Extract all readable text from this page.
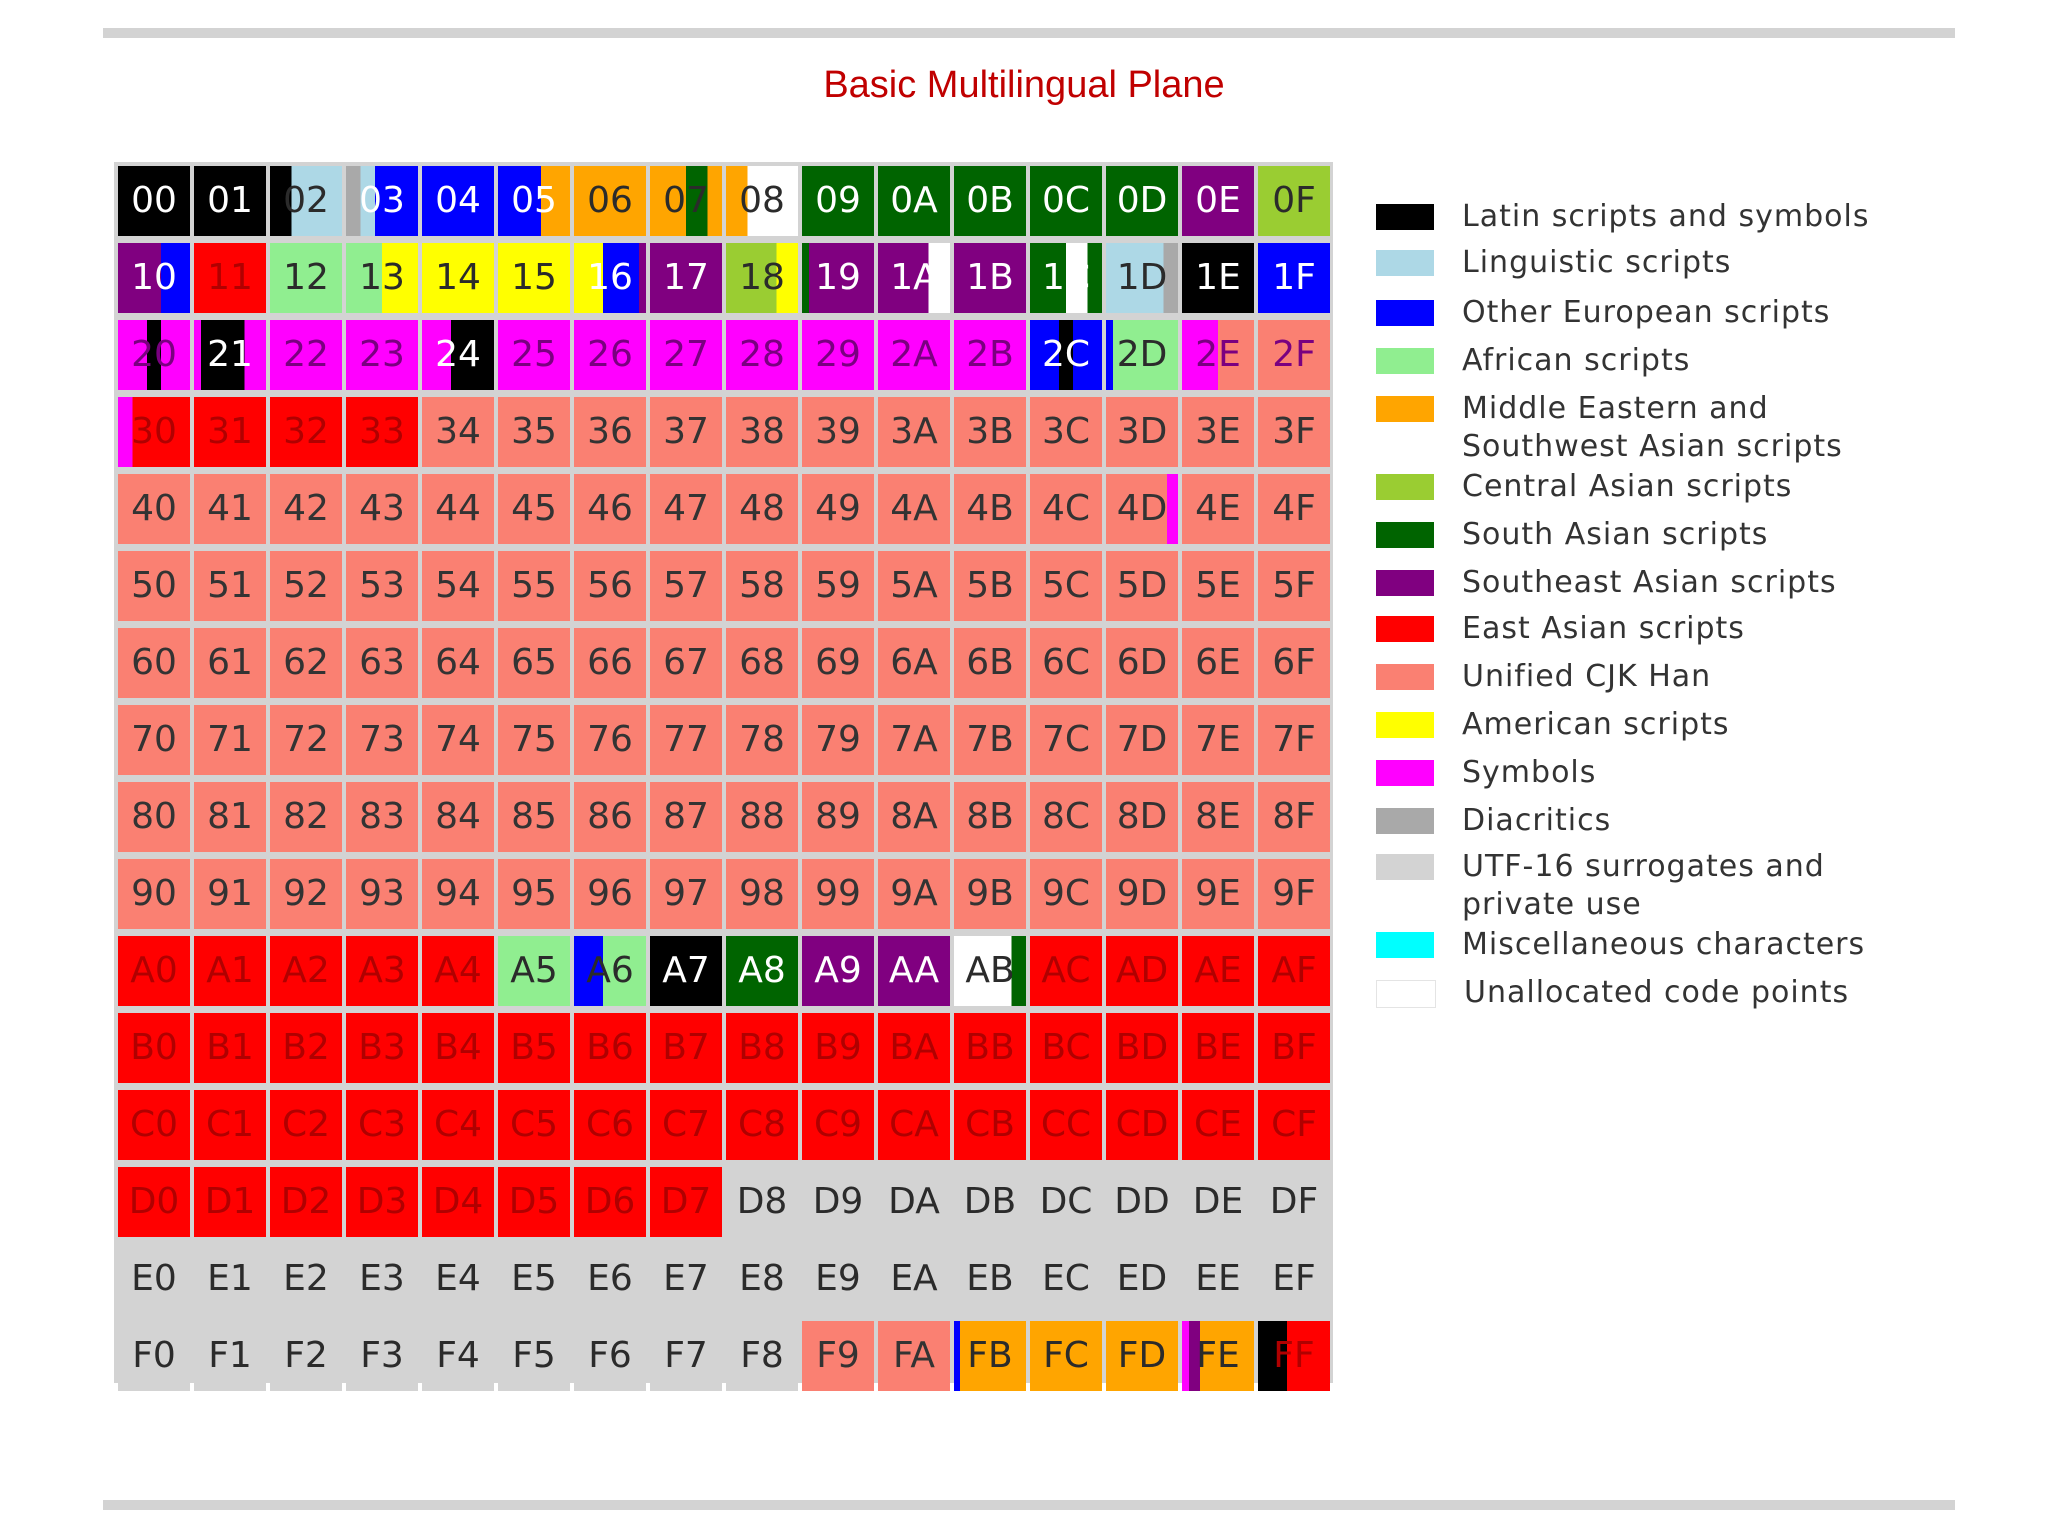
Basic Multilingual Plane
00 01 02 03 04 05 06 07 08 09 0A 0B 0C 0D 0E 0F
10 11 12 13 14 15 16 17 18 19 1A 1B 1C 1D 1E 1F
20 21 22 23 24 25 26 27 28 29 2A 2B 2C 2D 2E 2F
30 31 32 33 34 35 36 37 38 39 3A 3B 3C 3D 3E 3F
40 41 42 43 44 45 46 47 48 49 4A 4B 4C 4D 4E 4F
50 51 52 53 54 55 56 57 58 59 5A 5B 5C 5D 5E 5F
60 61 62 63 64 65 66 67 68 69 6A 6B 6C 6D 6E 6F
70 71 72 73 74 75 76 77 78 79 7A 7B 7C 7D 7E 7F
80 81 82 83 84 85 86 87 88 89 8A 8B 8C 8D 8E 8F
90 91 92 93 94 95 96 97 98 99 9A 9B 9C 9D 9E 9F
A0 A1 A2 A3 A4 A5 A6 A7 A8 A9 AA AB AC AD AE AF
B0 B1 B2 B3 B4 B5 B6 B7 B8 B9 BA BB BC BD BE BF
C0 C1 C2 C3 C4 C5 C6 C7 C8 C9 CA CB CC CD CE CF
D0 D1 D2 D3 D4 D5 D6 D7 D8 D9 DA DB DC DD DE DF
E0 E1 E2 E3 E4 E5 E6 E7 E8 E9 EA EB EC ED EE EF
F0 F1 F2 F3 F4 F5 F6 F7 F8 F9 FA FB FC FD FE FF
Latin scripts and symbols
Linguistic scripts
Other European scripts
African scripts
Middle Eastern and Southwest Asian scripts
Central Asian scripts
South Asian scripts
Southeast Asian scripts
East Asian scripts
Unified CJK Han
American scripts
Symbols
Diacritics
UTF-16 surrogates and private use
Miscellaneous characters
Unallocated code points
